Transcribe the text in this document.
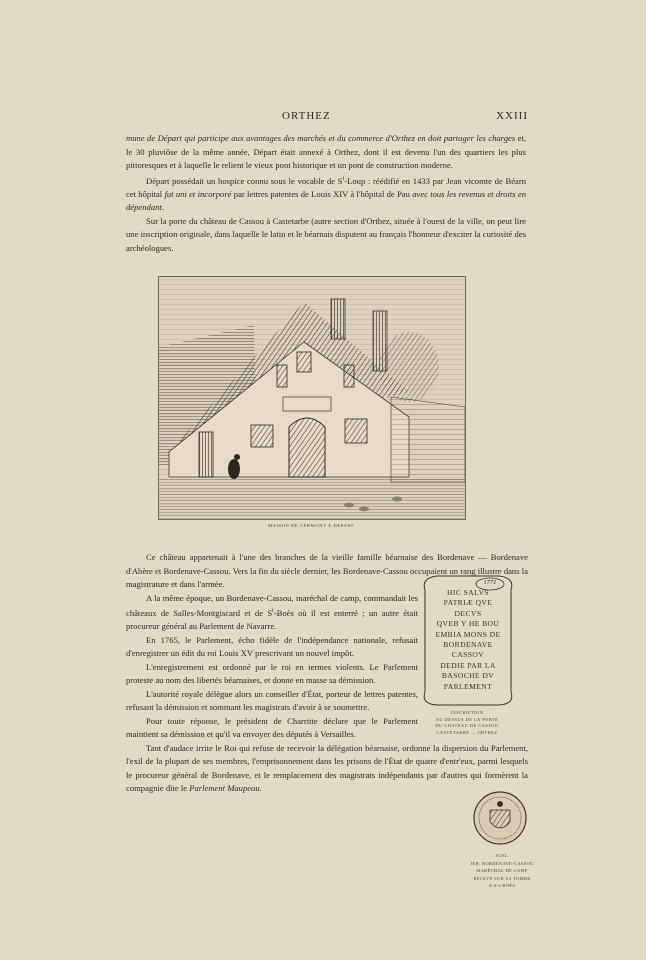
ORTHEZ	XXIII

mune de Départ qui participe aux avantages des marchés et du commerce d'Orthez en doit partager les charges et, le 30 pluviôse de la même année, Départ était annexé à Orthez, dont il est devenu l'un des quartiers les plus pittoresques et à laquelle le relient le vieux pont historique et un pont de construction moderne.

Départ possédait un hospice connu sous le vocable de $S^t$-Loup : réédifié en 1433 par Jean vicomte de Béarn cet hôpital fut uni et incorporé par lettres patentes de Louis XIV à l'hôpital de Pau avec tous les revenus et droits en dépendant.

Sur la porte du château de Cassou à Castetarbe (autre section d'Orthez, située à l'ouest de la ville, on peut lire une inscription originale, dans laquelle le latin et le béarnais disputent au français l'honneur d'exciter la curiosité des archéologues.

MAISON DE CERMONT À DEPART

Ce château appartenait à l'une des branches de la vieille famille béarnaise des Bordenave — Bordenave d'Abère et Bordenave-Cassou. Vers la fin du siècle dernier, les Bordenave-Cassou occupaient un rang illustre dans la magistrature et dans l'armée.

A la même époque, un Bordenave-Cassou, maréchal de camp, commandait les châteaux de Salles-Montgiscard et de $S^t$-Boès où il est enterré ; un autre était procureur général au Parlement de Navarre.

En 1765, le Parlement, écho fidèle de l'indépendance nationale, refusait d'enregistrer un édit du roi Louis XV prescrivant un nouvel impôt.

L'enregistrement est ordonné par le roi en termes violents. Le Parlement proteste au nom des libertés béarnaises, et donne en masse sa démission.

L'autorité royale délègue alors un conseiller d'État, porteur de lettres patentes, refusant la démission et sommant les magistrats d'avoir à se soumettre.

Pour toute réponse, le président de Charritte déclare que le Parlement maintient sa démission et qu'il va envoyer des députés à Versailles.

Tant d'audace irrite le Roi qui refuse de recevoir la délégation béarnaise, ordonne la dispersion du Parlement, l'exil de la plupart de ses membres, l'emprisonnement dans les prisons de l'État de quatre d'entr'eux, parmi lesquels le procureur général de Bordenave, et le remplacement des magistrats indépendants par d'autres qui formèrent la compagnie dite le Parlement Maupeou.

1771
HIC SALVS
PATRIÆ QVE
DECVS
QVEB Y HE BOU
EMBIA MONS DE
BORDENAVE
CASSOV
DEDIE PAR LA
BASOCHE DV
PARLEMENT
INSCRIPTION
AU DESSUS DE LA PORTE
DU CHATEAU DE CASSOU
CASTETARBE — ORTHEZ
SCEL
JEH. BORDENAVE-CASSOU
MARÉCHAL DE CAMP
RELEVÉ SUR SA TOMBE
A S^t-BOÈS
